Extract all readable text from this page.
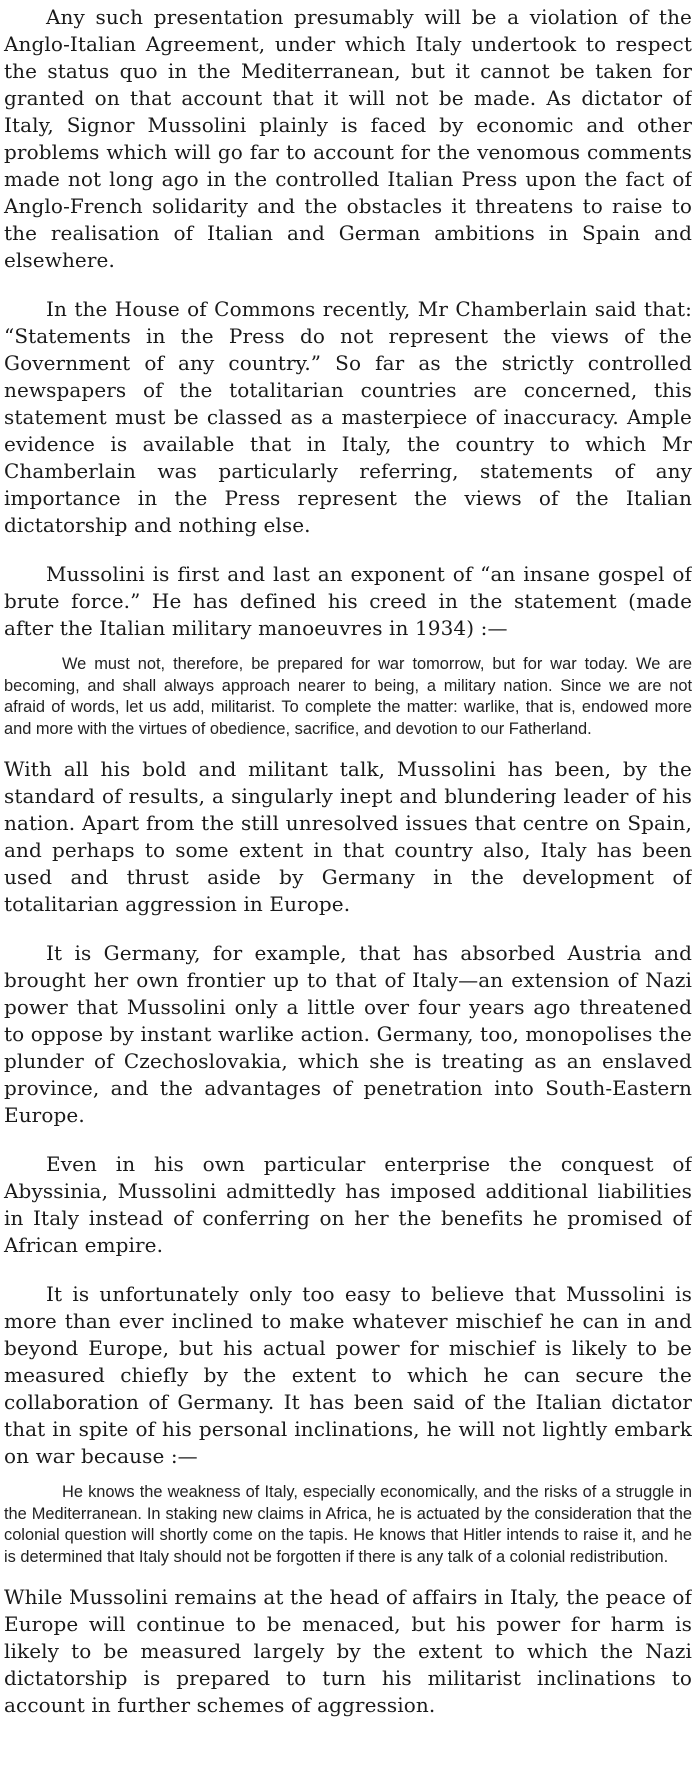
Any such presentation presumably will be a violation of the Anglo-Italian Agreement, under which Italy undertook to respect the status quo in the Mediterranean, but it cannot be taken for granted on that account that it will not be made. As dictator of Italy, Signor Mussolini plainly is faced by economic and other problems which will go far to account for the venomous comments made not long ago in the controlled Italian Press upon the fact of Anglo-French solidarity and the obstacles it threatens to raise to the realisation of Italian and German ambitions in Spain and elsewhere.

In the House of Commons recently, Mr Chamberlain said that: “Statements in the Press do not represent the views of the Government of any country.” So far as the strictly controlled newspapers of the totalitarian countries are concerned, this statement must be classed as a masterpiece of inaccuracy. Ample evidence is available that in Italy, the country to which Mr Chamberlain was particularly referring, statements of any importance in the Press represent the views of the Italian dictatorship and nothing else.

Mussolini is first and last an exponent of “an insane gospel of brute force.” He has defined his creed in the statement (made after the Italian military manoeuvres in 1934) :—

We must not, therefore, be prepared for war tomorrow, but for war today. We are becoming, and shall always approach nearer to being, a military nation. Since we are not afraid of words, let us add, militarist. To complete the matter: warlike, that is, endowed more and more with the virtues of obedience, sacrifice, and devotion to our Fatherland.

With all his bold and militant talk, Mussolini has been, by the standard of results, a singularly inept and blundering leader of his nation. Apart from the still unresolved issues that centre on Spain, and perhaps to some extent in that country also, Italy has been used and thrust aside by Germany in the development of totalitarian aggression in Europe.

It is Germany, for example, that has absorbed Austria and brought her own frontier up to that of Italy—an extension of Nazi power that Mussolini only a little over four years ago threatened to oppose by instant warlike action. Germany, too, monopolises the plunder of Czechoslovakia, which she is treating as an enslaved province, and the advantages of penetration into South-Eastern Europe.

Even in his own particular enterprise the conquest of Abyssinia, Mussolini admittedly has imposed additional liabilities in Italy instead of conferring on her the benefits he promised of African empire.

It is unfortunately only too easy to believe that Mussolini is more than ever inclined to make whatever mischief he can in and beyond Europe, but his actual power for mischief is likely to be measured chiefly by the extent to which he can secure the collaboration of Germany. It has been said of the Italian dictator that in spite of his personal inclinations, he will not lightly embark on war because :—

He knows the weakness of Italy, especially economically, and the risks of a struggle in the Mediterranean. In staking new claims in Africa, he is actuated by the consideration that the colonial question will shortly come on the tapis. He knows that Hitler intends to raise it, and he is determined that Italy should not be forgotten if there is any talk of a colonial redistribution.

While Mussolini remains at the head of affairs in Italy, the peace of Europe will continue to be menaced, but his power for harm is likely to be measured largely by the extent to which the Nazi dictatorship is prepared to turn his militarist inclinations to account in further schemes of aggression.
